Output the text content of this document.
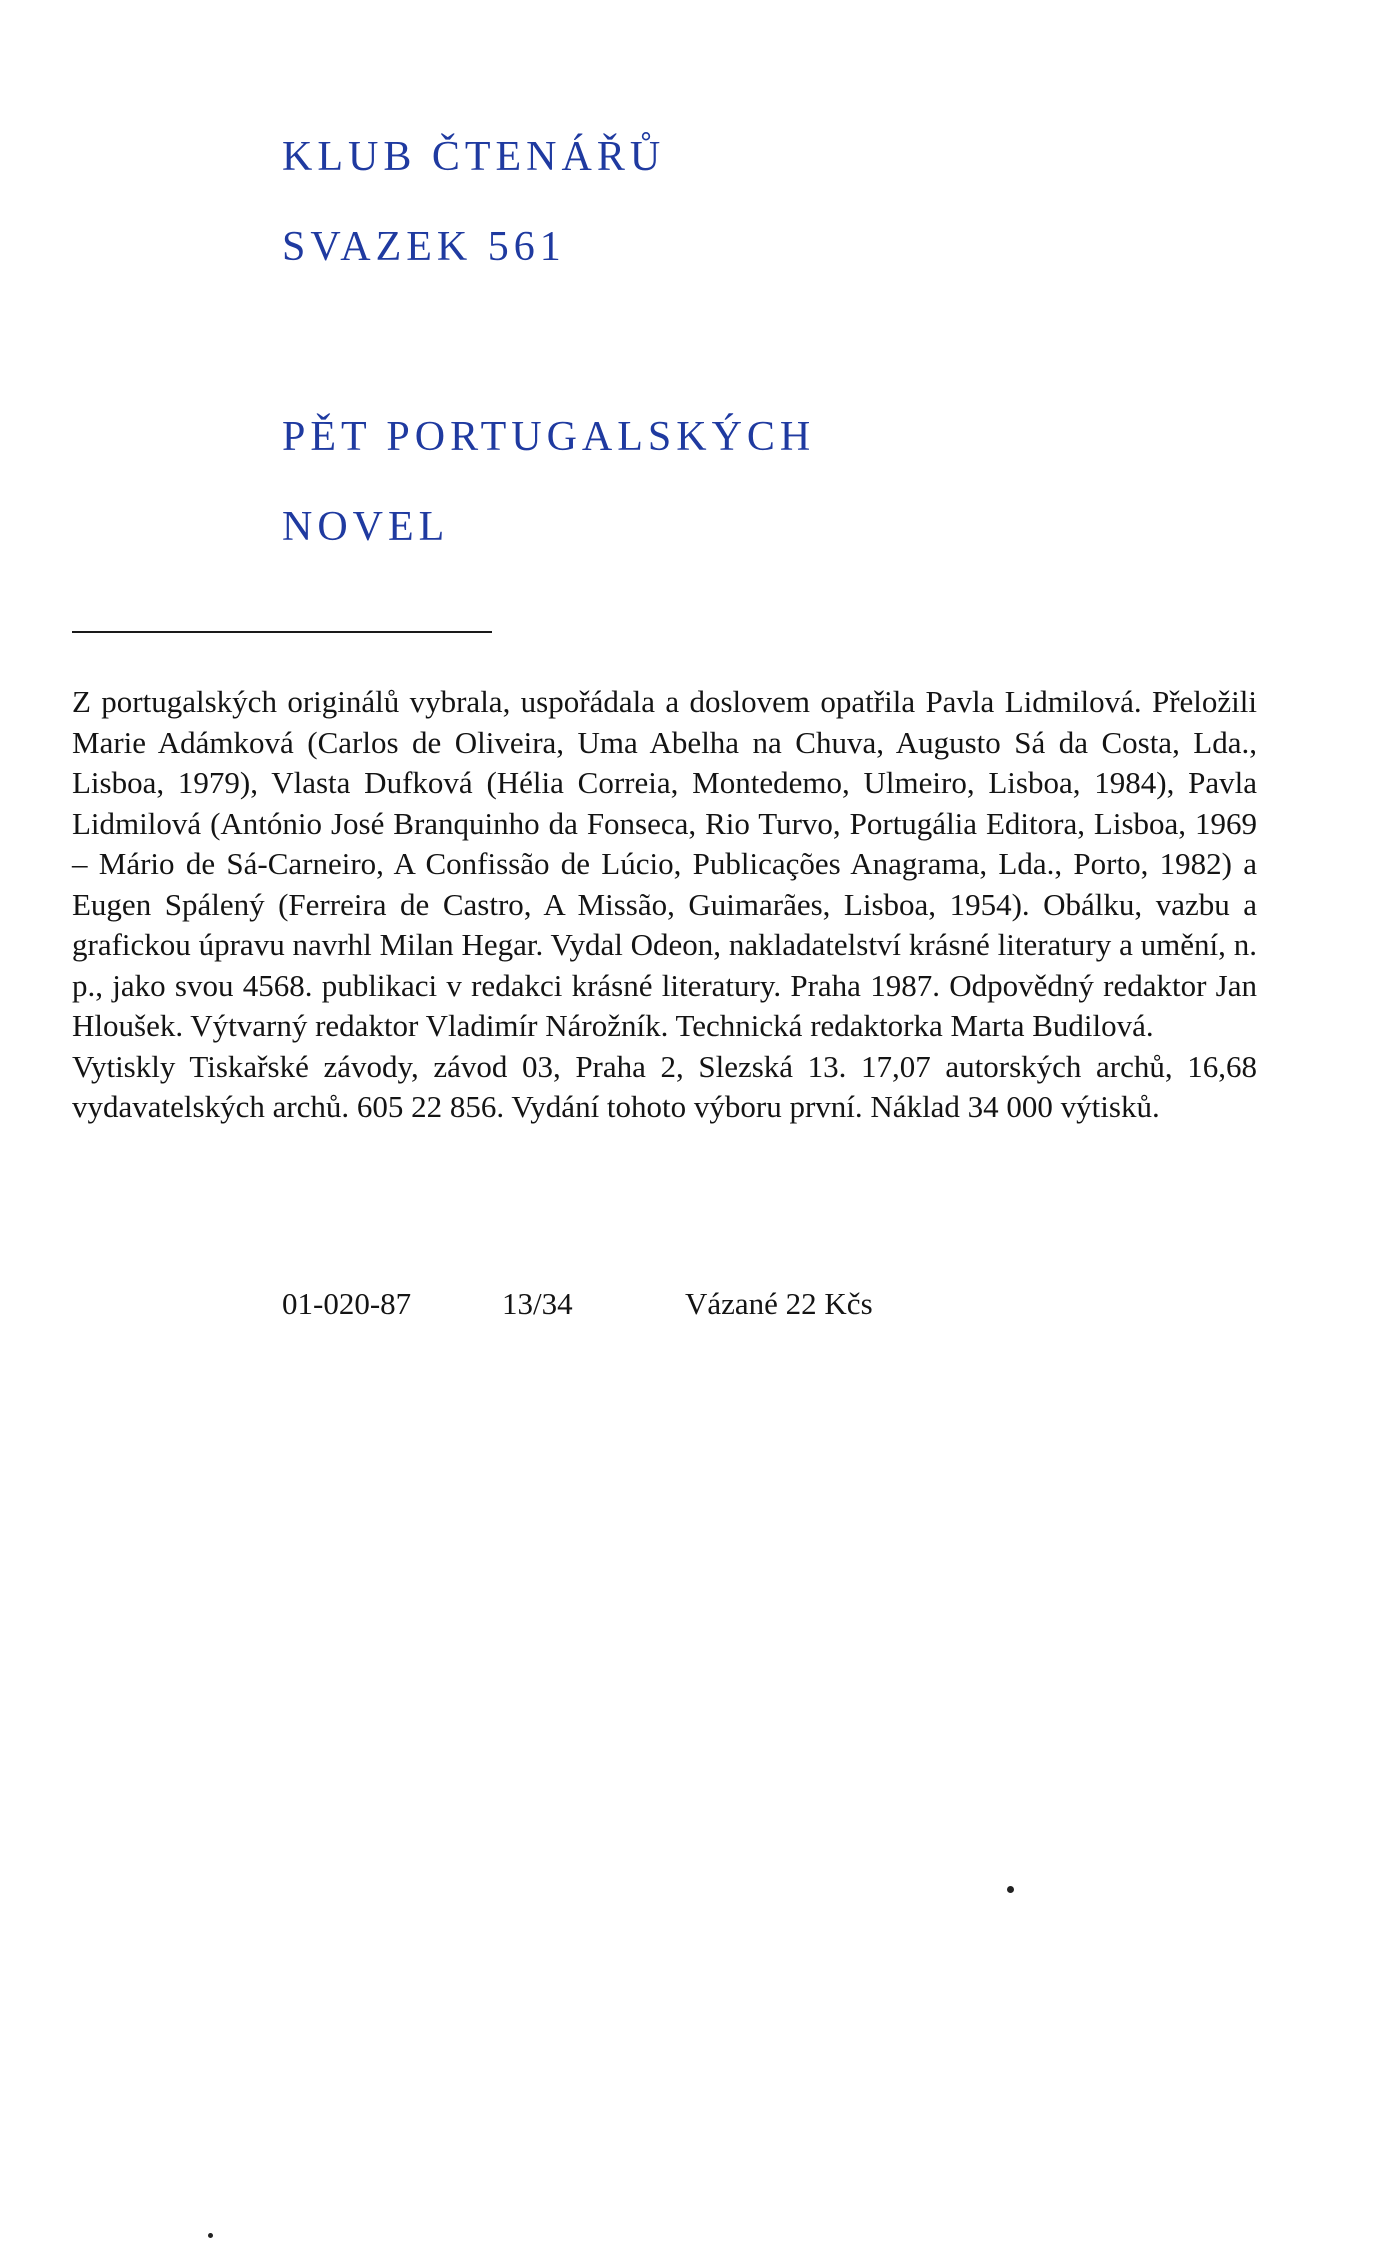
KLUB ČTENÁŘŮ
SVAZEK 561
PĚT PORTUGALSKÝCH
NOVEL

Z portugalských originálů vybrala, uspořádala a doslovem opatřila Pavla Lidmilová. Přeložili Marie Adámková (Carlos de Oliveira, Uma Abelha na Chuva, Augusto Sá da Costa, Lda., Lisboa, 1979), Vlasta Dufková (Hélia Correia, Montedemo, Ulmeiro, Lisboa, 1984), Pavla Lidmilová (António José Branquinho da Fonseca, Rio Turvo, Portugália Editora, Lisboa, 1969 – Mário de Sá-Carneiro, A Confissão de Lúcio, Publicações Anagrama, Lda., Porto, 1982) a Eugen Spálený (Ferreira de Castro, A Missão, Guimarães, Lisboa, 1954). Obálku, vazbu a grafickou úpravu navrhl Milan Hegar. Vydal Odeon, nakladatelství krásné literatury a umění, n. p., jako svou 4568. publikaci v redakci krásné literatury. Praha 1987. Odpovědný redaktor Jan Hloušek. Výtvarný redaktor Vladimír Nárožník. Technická redaktorka Marta Budilová.

Vytiskly Tiskařské závody, závod 03, Praha 2, Slezská 13. 17,07 autorských archů, 16,68 vydavatelských archů. 605 22 856. Vydání tohoto výboru první. Náklad 34 000 výtisků.

01-020-87	13/34	Vázané 22 Kčs
